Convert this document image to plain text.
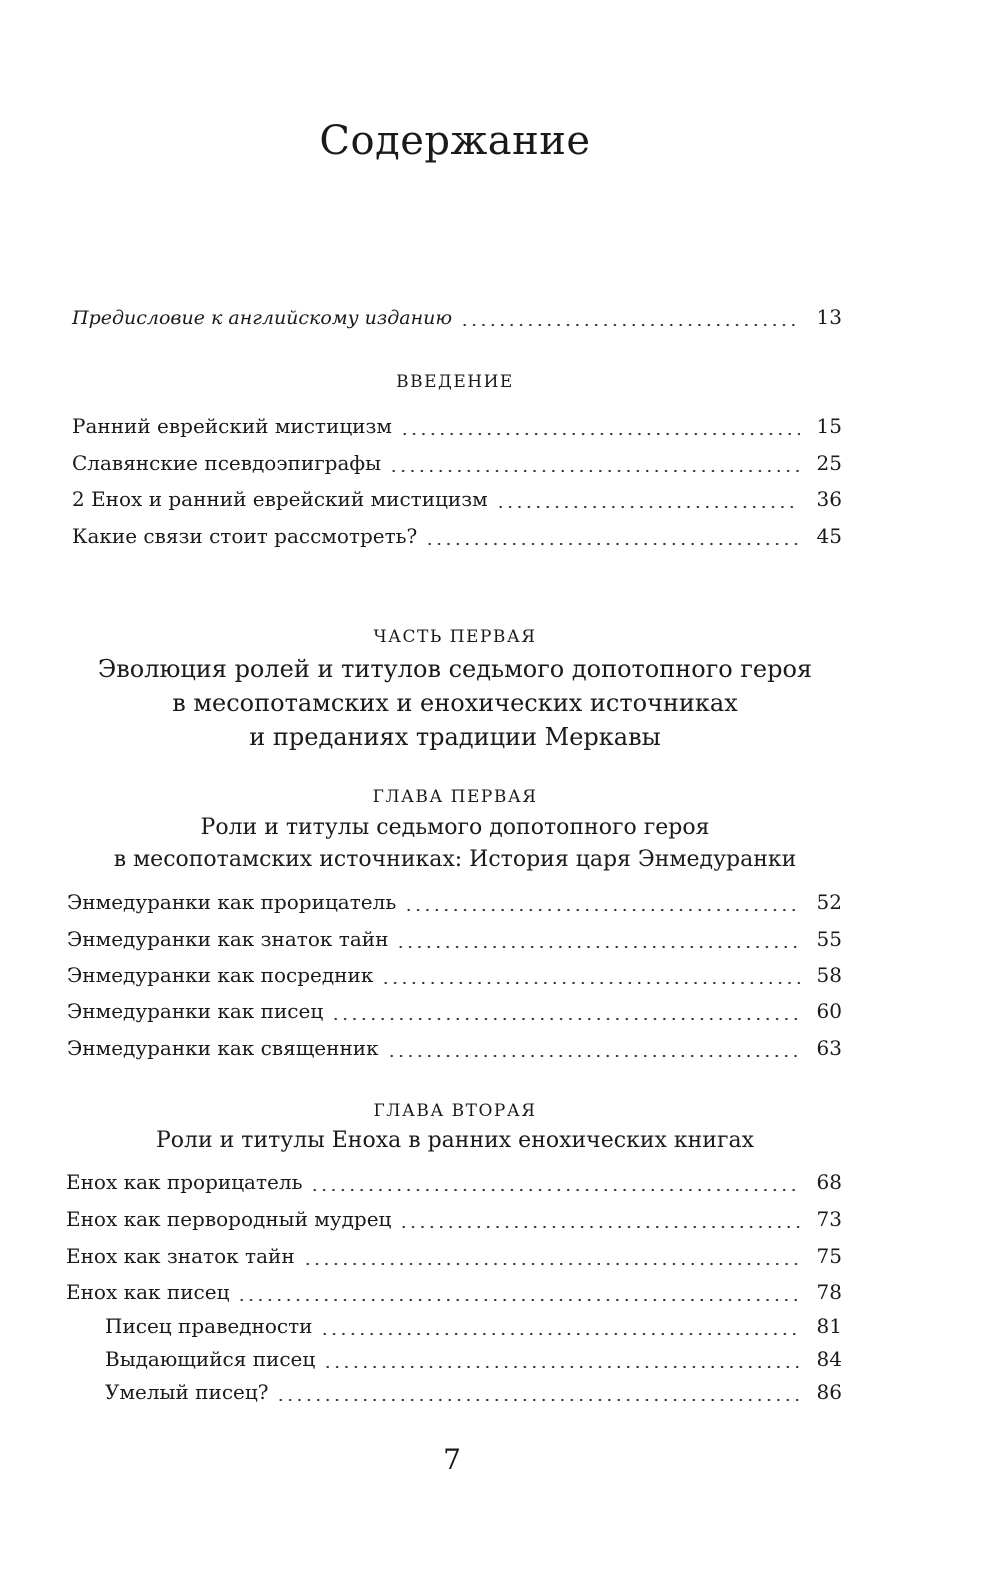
Содержание
Предисловие к английскому изданию	13
ВВЕДЕНИЕ
Ранний еврейский мистицизм	15
Славянские псевдоэпиграфы	25
2 Енох и ранний еврейский мистицизм	36
Какие связи стоит рассмотреть?	45
ЧАСТЬ ПЕРВАЯ
Эволюция ролей и титулов седьмого допотопного героя
в месопотамских и енохических источниках
и преданиях традиции Меркавы
ГЛАВА ПЕРВАЯ
Роли и титулы седьмого допотопного героя
в месопотамских источниках: История царя Энмедуранки
Энмедуранки как прорицатель	52
Энмедуранки как знаток тайн	55
Энмедуранки как посредник	58
Энмедуранки как писец	60
Энмедуранки как священник	63
ГЛАВА ВТОРАЯ
Роли и титулы Еноха в ранних енохических книгах
Енох как прорицатель	68
Енох как перворoдный мудрец	73
Енох как знаток тайн	75
Енох как писец	78
Писец праведности	81
Выдающийся писец	84
Умелый писец?	86
7
